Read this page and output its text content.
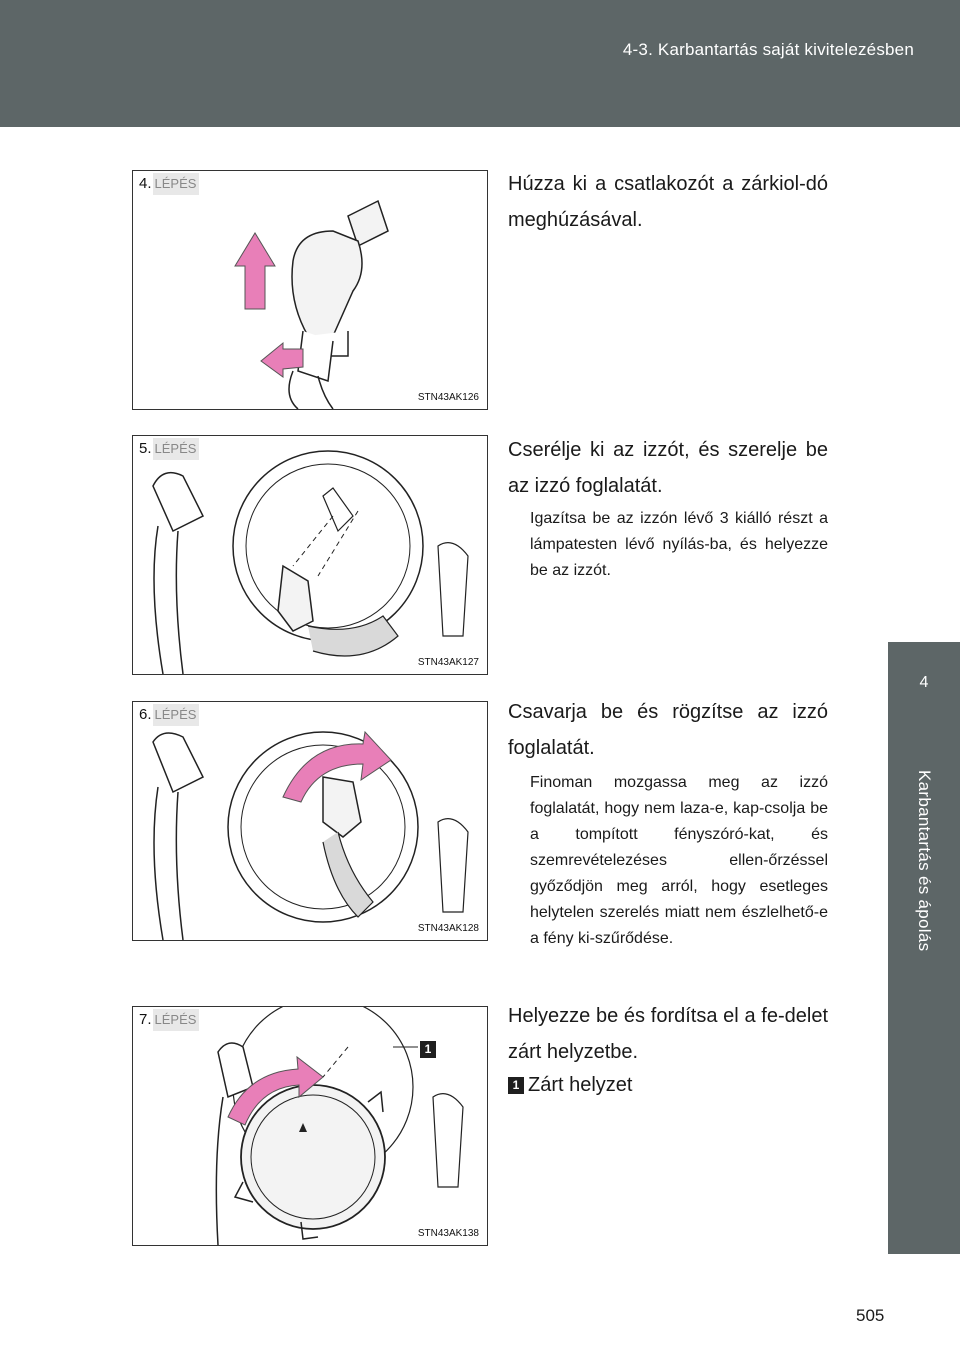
4-3. Karbantartás saját kivitelezésben
4
Karbantartás és ápolás
4. LÉPÉS
STN43AK126
Húzza ki a csatlakozót a zárkiol-dó meghúzásával.
5. LÉPÉS
STN43AK127
Cserélje ki az izzót, és szerelje be az izzó foglalatát.
Igazítsa be az izzón lévő 3 kiálló részt a lámpatesten lévő nyílás-ba, és helyezze be az izzót.
6. LÉPÉS
STN43AK128
Csavarja be és rögzítse az izzó foglalatát.
Finoman mozgassa meg az izzó foglalatát, hogy nem laza-e, kap-csolja be a tompított fényszóró-kat, és szemrevételezéses ellen-őrzéssel győződjön meg arról, hogy esetleges helytelen szerelés miatt nem észlelhető-e a fény ki-szűrődése.
1
7. LÉPÉS
STN43AK138
Helyezze be és fordítsa el a fe-delet zárt helyzetbe.
1 Zárt helyzet
505
